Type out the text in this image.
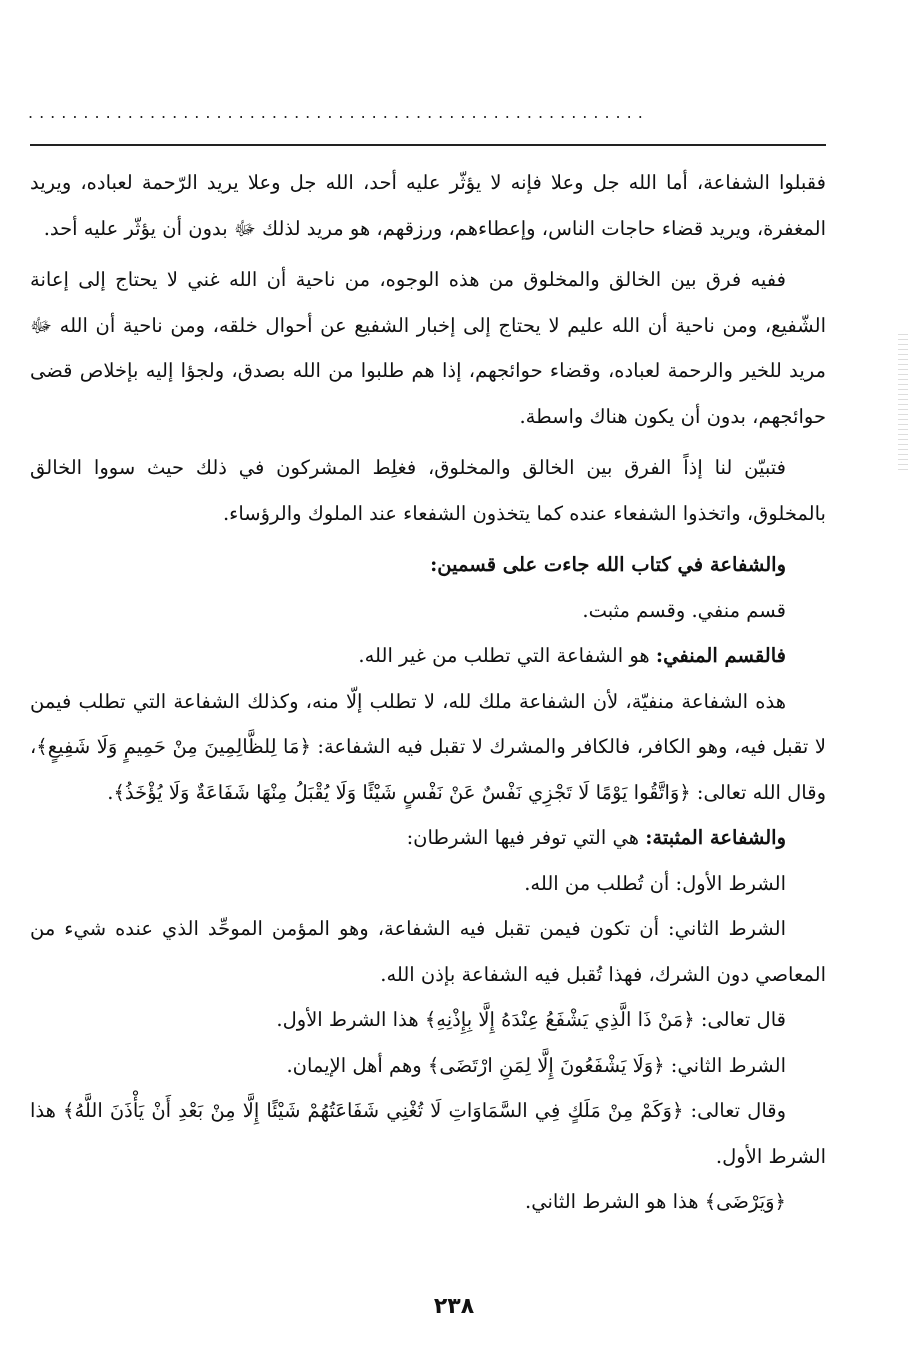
........................................................

فقبلوا الشفاعة، أما الله جل وعلا فإنه لا يؤثّر عليه أحد، الله جل وعلا يريد الرّحمة لعباده، ويريد المغفرة، ويريد قضاء حاجات الناس، وإعطاءهم، ورزقهم، هو مريد لذلك ﷻ بدون أن يؤثّر عليه أحد.

ففيه فرق بين الخالق والمخلوق من هذه الوجوه، من ناحية أن الله غني لا يحتاج إلى إعانة الشّفيع، ومن ناحية أن الله عليم لا يحتاج إلى إخبار الشفيع عن أحوال خلقه، ومن ناحية أن الله ﷻ مريد للخير والرحمة لعباده، وقضاء حوائجهم، إذا هم طلبوا من الله بصدق، ولجؤا إليه بإخلاص قضى حوائجهم، بدون أن يكون هناك واسطة.

فتبيّن لنا إذاً الفرق بين الخالق والمخلوق، فغلِط المشركون في ذلك حيث سووا الخالق بالمخلوق، واتخذوا الشفعاء عنده كما يتخذون الشفعاء عند الملوك والرؤساء.

والشفاعة في كتاب الله جاءت على قسمين:

قسم منفي. وقسم مثبت.

فالقسم المنفي: هو الشفاعة التي تطلب من غير الله.

هذه الشفاعة منفيّة، لأن الشفاعة ملك لله، لا تطلب إلّا منه، وكذلك الشفاعة التي تطلب فيمن لا تقبل فيه، وهو الكافر، فالكافر والمشرك لا تقبل فيه الشفاعة: ﴿مَا لِلظَّالِمِينَ مِنْ حَمِيمٍ وَلَا شَفِيعٍ﴾، وقال الله تعالى: ﴿وَاتَّقُوا يَوْمًا لَا تَجْزِي نَفْسٌ عَنْ نَفْسٍ شَيْئًا وَلَا يُقْبَلُ مِنْهَا شَفَاعَةٌ وَلَا يُؤْخَذُ﴾.

والشفاعة المثبتة: هي التي توفر فيها الشرطان:

الشرط الأول: أن تُطلب من الله.

الشرط الثاني: أن تكون فيمن تقبل فيه الشفاعة، وهو المؤمن الموحِّد الذي عنده شيء من المعاصي دون الشرك، فهذا تُقبل فيه الشفاعة بإذن الله.

قال تعالى: ﴿مَنْ ذَا الَّذِي يَشْفَعُ عِنْدَهُ إِلَّا بِإِذْنِهِ﴾ هذا الشرط الأول.

الشرط الثاني: ﴿وَلَا يَشْفَعُونَ إِلَّا لِمَنِ ارْتَضَى﴾ وهم أهل الإيمان.

وقال تعالى: ﴿وَكَمْ مِنْ مَلَكٍ فِي السَّمَاوَاتِ لَا تُغْنِي شَفَاعَتُهُمْ شَيْئًا إِلَّا مِنْ بَعْدِ أَنْ يَأْذَنَ اللَّهُ﴾ هذا الشرط الأول.

﴿وَيَرْضَى﴾ هذا هو الشرط الثاني.

٢٣٨
